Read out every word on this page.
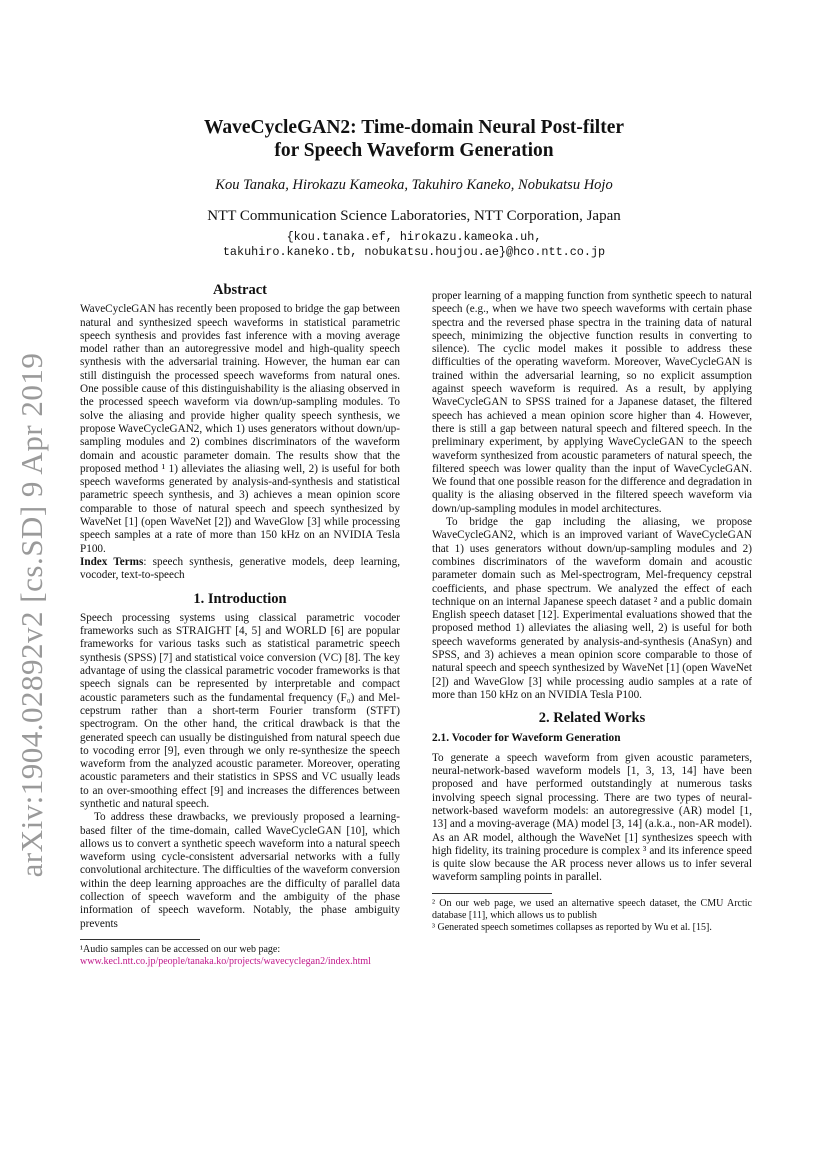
arXiv:1904.02892v2 [cs.SD] 9 Apr 2019
WaveCycleGAN2: Time-domain Neural Post-filter
for Speech Waveform Generation
Kou Tanaka, Hirokazu Kameoka, Takuhiro Kaneko, Nobukatsu Hojo
NTT Communication Science Laboratories, NTT Corporation, Japan
{kou.tanaka.ef, hirokazu.kameoka.uh,
takuhiro.kaneko.tb, nobukatsu.houjou.ae}@hco.ntt.co.jp
Abstract

WaveCycleGAN has recently been proposed to bridge the gap between natural and synthesized speech waveforms in statistical parametric speech synthesis and provides fast inference with a moving average model rather than an autoregressive model and high-quality speech synthesis with the adversarial training. However, the human ear can still distinguish the processed speech waveforms from natural ones. One possible cause of this distinguishability is the aliasing observed in the processed speech waveform via down/up-sampling modules. To solve the aliasing and provide higher quality speech synthesis, we propose WaveCycleGAN2, which 1) uses generators without down/up-sampling modules and 2) combines discriminators of the waveform domain and acoustic parameter domain. The results show that the proposed method ¹ 1) alleviates the aliasing well, 2) is useful for both speech waveforms generated by analysis-and-synthesis and statistical parametric speech synthesis, and 3) achieves a mean opinion score comparable to those of natural speech and speech synthesized by WaveNet [1] (open WaveNet [2]) and WaveGlow [3] while processing speech samples at a rate of more than 150 kHz on an NVIDIA Tesla P100.

Index Terms: speech synthesis, generative models, deep learning, vocoder, text-to-speech

1. Introduction

Speech processing systems using classical parametric vocoder frameworks such as STRAIGHT [4, 5] and WORLD [6] are popular frameworks for various tasks such as statistical parametric speech synthesis (SPSS) [7] and statistical voice conversion (VC) [8]. The key advantage of using the classical parametric vocoder frameworks is that speech signals can be represented by interpretable and compact acoustic parameters such as the fundamental frequency (F₀) and Mel-cepstrum rather than a short-term Fourier transform (STFT) spectrogram. On the other hand, the critical drawback is that the generated speech can usually be distinguished from natural speech due to vocoding error [9], even through we only re-synthesize the speech waveform from the analyzed acoustic parameter. Moreover, operating acoustic parameters and their statistics in SPSS and VC usually leads to an over-smoothing effect [9] and increases the differences between synthetic and natural speech.

To address these drawbacks, we previously proposed a learning-based filter of the time-domain, called WaveCycleGAN [10], which allows us to convert a synthetic speech waveform into a natural speech waveform using cycle-consistent adversarial networks with a fully convolutional architecture. The difficulties of the waveform conversion within the deep learning approaches are the difficulty of parallel data collection of speech waveform and the ambiguity of the phase information of speech waveform. Notably, the phase ambiguity prevents

¹Audio samples can be accessed on our web page:

www.kecl.ntt.co.jp/people/tanaka.ko/projects/wavecyclegan2/index.html

proper learning of a mapping function from synthetic speech to natural speech (e.g., when we have two speech waveforms with certain phase spectra and the reversed phase spectra in the training data of natural speech, minimizing the objective function results in converting to silence). The cyclic model makes it possible to address these difficulties of the operating waveform. Moreover, WaveCycleGAN is trained within the adversarial learning, so no explicit assumption against speech waveform is required. As a result, by applying WaveCycleGAN to SPSS trained for a Japanese dataset, the filtered speech has achieved a mean opinion score higher than 4. However, there is still a gap between natural speech and filtered speech. In the preliminary experiment, by applying WaveCycleGAN to the speech waveform synthesized from acoustic parameters of natural speech, the filtered speech was lower quality than the input of WaveCycleGAN. We found that one possible reason for the difference and degradation in quality is the aliasing observed in the filtered speech waveform via down/up-sampling modules in model architectures.

To bridge the gap including the aliasing, we propose WaveCycleGAN2, which is an improved variant of WaveCycleGAN that 1) uses generators without down/up-sampling modules and 2) combines discriminators of the waveform domain and acoustic parameter domain such as Mel-spectrogram, Mel-frequency cepstral coefficients, and phase spectrum. We analyzed the effect of each technique on an internal Japanese speech dataset ² and a public domain English speech dataset [12]. Experimental evaluations showed that the proposed method 1) alleviates the aliasing well, 2) is useful for both speech waveforms generated by analysis-and-synthesis (AnaSyn) and SPSS, and 3) achieves a mean opinion score comparable to those of natural speech and speech synthesized by WaveNet [1] (open WaveNet [2]) and WaveGlow [3] while processing audio samples at a rate of more than 150 kHz on an NVIDIA Tesla P100.

2. Related Works
2.1. Vocoder for Waveform Generation

To generate a speech waveform from given acoustic parameters, neural-network-based waveform models [1, 3, 13, 14] have been proposed and have performed outstandingly at numerous tasks involving speech signal processing. There are two types of neural-network-based waveform models: an autoregressive (AR) model [1, 13] and a moving-average (MA) model [3, 14] (a.k.a., non-AR model). As an AR model, although the WaveNet [1] synthesizes speech with high fidelity, its training procedure is complex ³ and its inference speed is quite slow because the AR process never allows us to infer several waveform sampling points in parallel.

² On our web page, we used an alternative speech dataset, the CMU Arctic database [11], which allows us to publish

³ Generated speech sometimes collapses as reported by Wu et al. [15].
